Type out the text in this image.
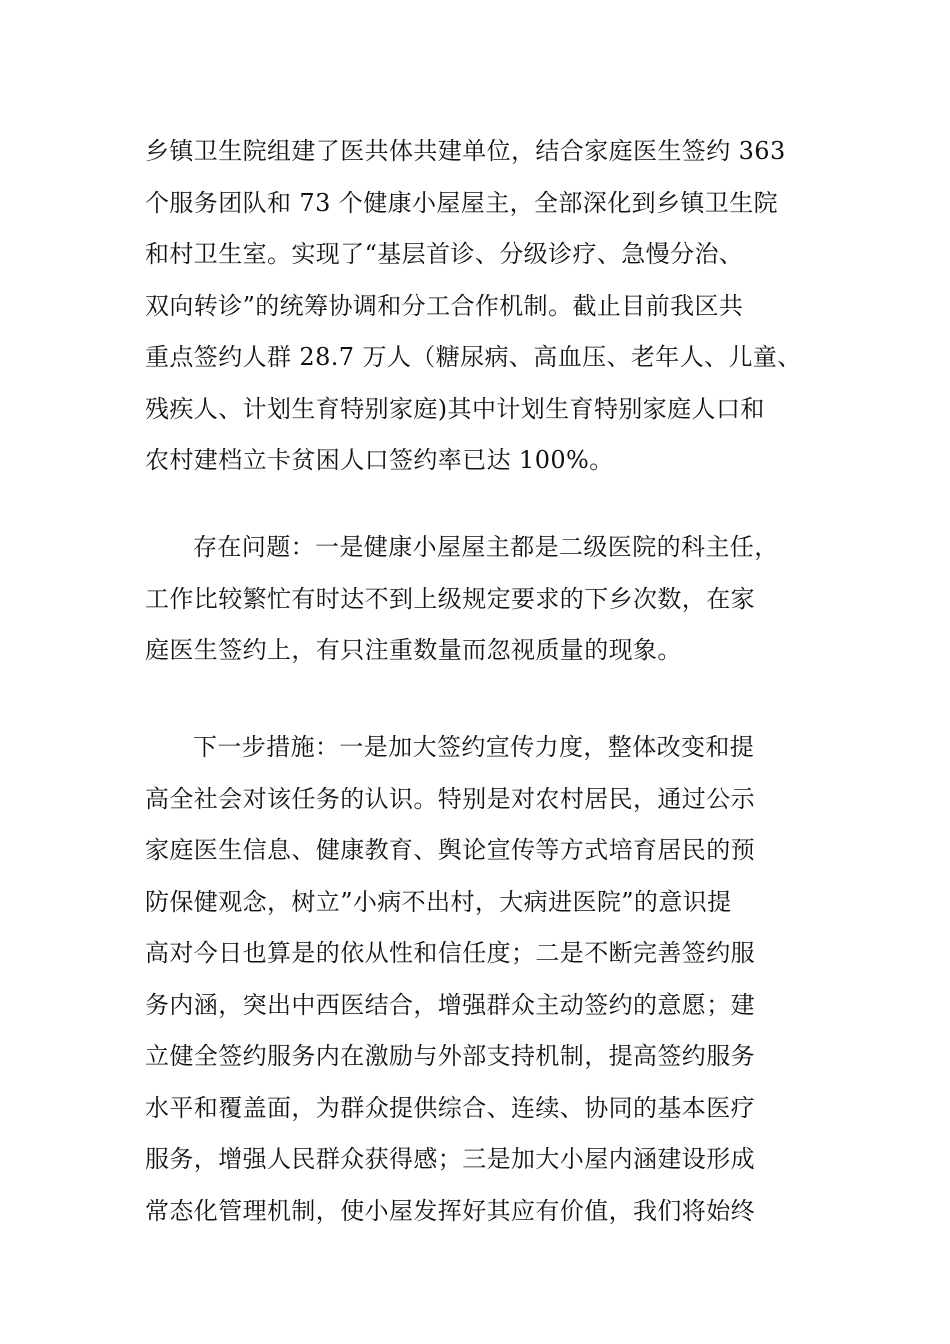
乡镇卫生院组建了医共体共建单位，结合家庭医生签约 363
个服务团队和 73 个健康小屋屋主，全部深化到乡镇卫生院
和村卫生室。实现了“基层首诊、分级诊疗、急慢分治、
双向转诊”的统筹协调和分工合作机制。截止目前我区共
重点签约人群 28.7 万人（糖尿病、高血压、老年人、儿童、
残疾人、计划生育特别家庭)其中计划生育特别家庭人口和
农村建档立卡贫困人口签约率已达 100%。
存在问题：一是健康小屋屋主都是二级医院的科主任，
工作比较繁忙有时达不到上级规定要求的下乡次数，在家
庭医生签约上，有只注重数量而忽视质量的现象。
下一步措施：一是加大签约宣传力度，整体改变和提
高全社会对该任务的认识。特别是对农村居民，通过公示
家庭医生信息、健康教育、舆论宣传等方式培育居民的预
防保健观念，树立”小病不出村，大病进医院”的意识提
高对今日也算是的依从性和信任度；二是不断完善签约服
务内涵，突出中西医结合，增强群众主动签约的意愿；建
立健全签约服务内在激励与外部支持机制，提高签约服务
水平和覆盖面，为群众提供综合、连续、协同的基本医疗
服务，增强人民群众获得感；三是加大小屋内涵建设形成
常态化管理机制，使小屋发挥好其应有价值，我们将始终
